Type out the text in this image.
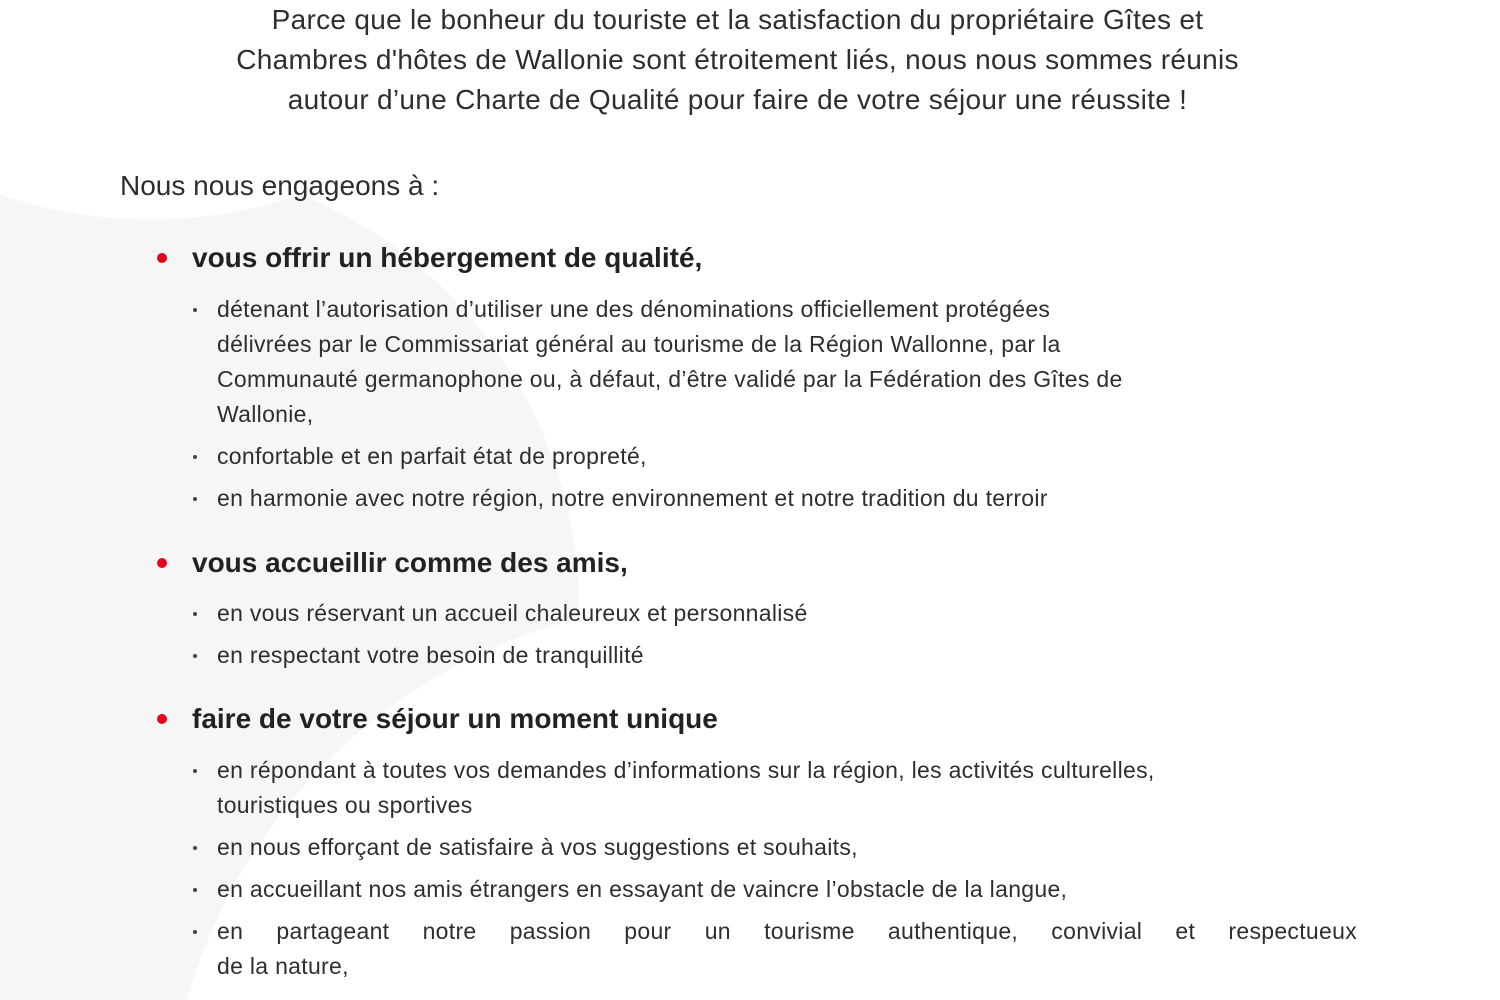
Parce que le bonheur du touriste et la satisfaction du propriétaire Gîtes et
Chambres d'hôtes de Wallonie sont étroitement liés, nous nous sommes réunis
autour d’une Charte de Qualité pour faire de votre séjour une réussite !
Nous nous engageons à :
vous offrir un hébergement de qualité,
détenant l’autorisation d’utiliser une des dénominations officiellement protégées
délivrées par le Commissariat général au tourisme de la Région Wallonne, par la
Communauté germanophone ou, à défaut, d’être validé par la Fédération des Gîtes de
Wallonie,
confortable et en parfait état de propreté,
en harmonie avec notre région, notre environnement et notre tradition du terroir
vous accueillir comme des amis,
en vous réservant un accueil chaleureux et personnalisé
en respectant votre besoin de tranquillité
faire de votre séjour un moment unique
en répondant à toutes vos demandes d’informations sur la région, les activités culturelles,
touristiques ou sportives
en nous efforçant de satisfaire à vos suggestions et souhaits,
en accueillant nos amis étrangers en essayant de vaincre l’obstacle de la langue,
en partageant notre passion pour un tourisme authentique, convivial et respectueux
de la nature,
